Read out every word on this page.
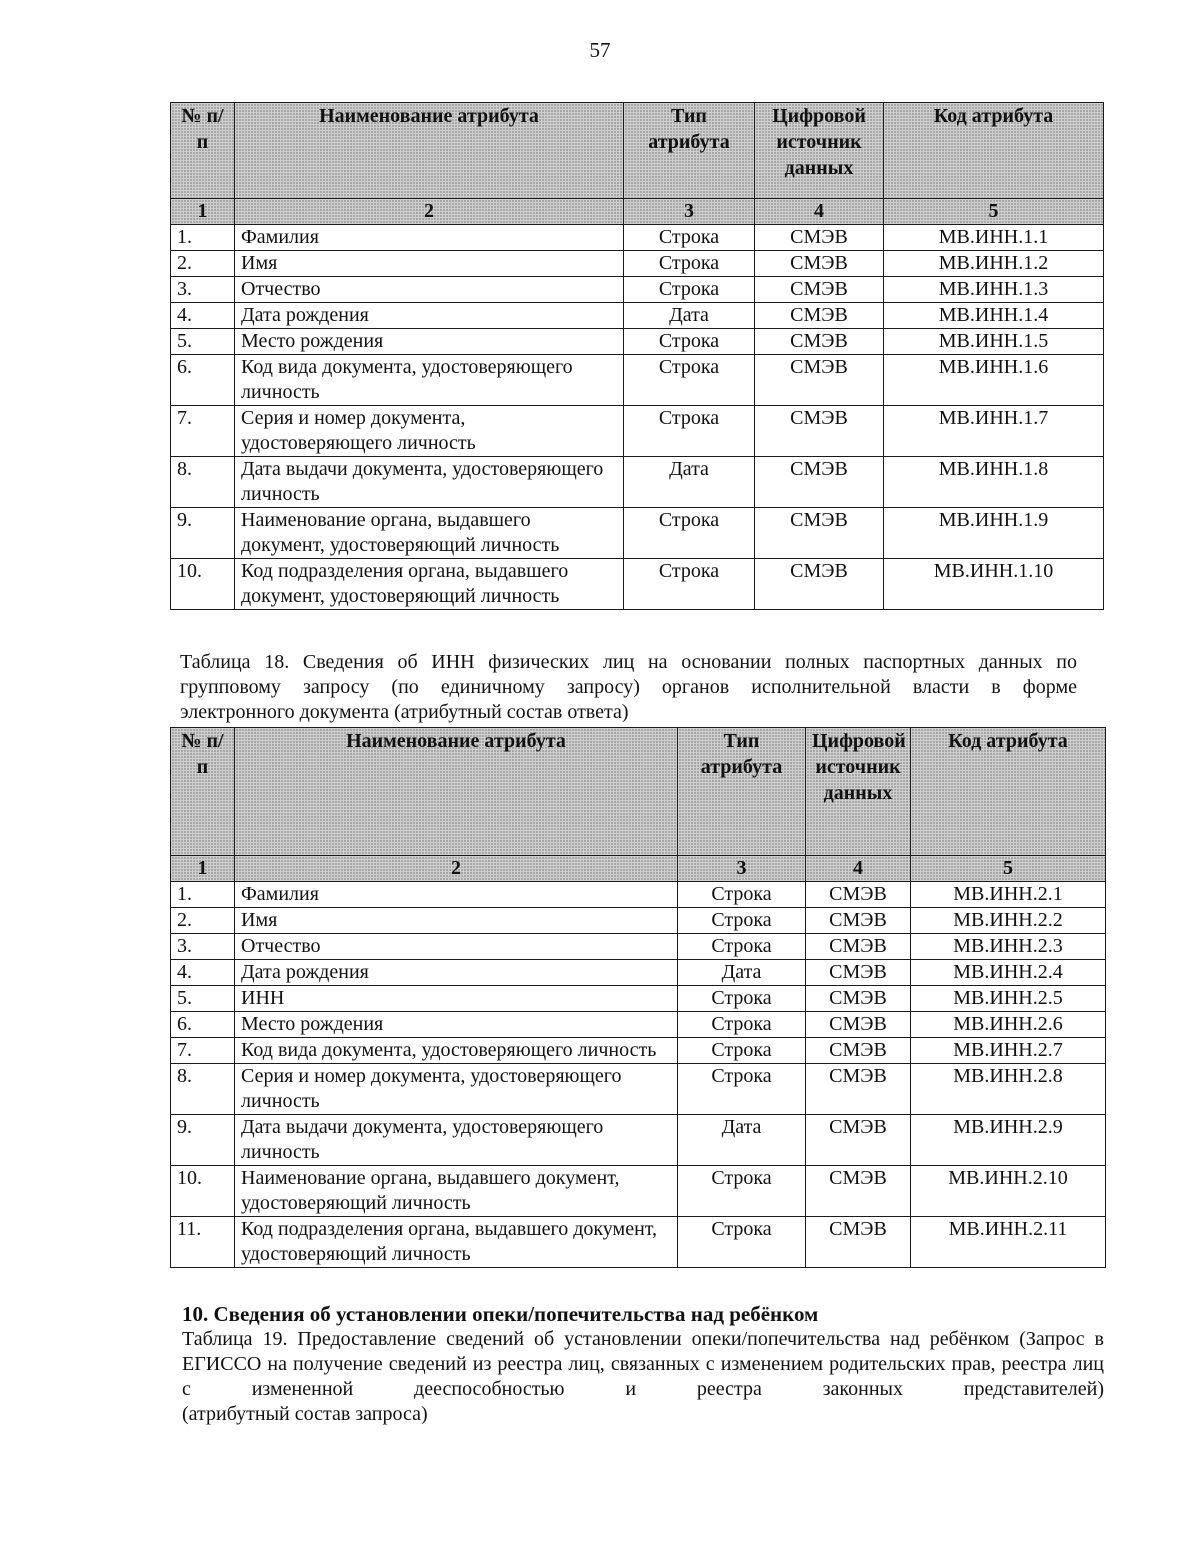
57
№ п/п	Наименование атрибута	Тип атрибута	Цифровой источник данных	Код атрибута
1	2	3	4	5
1.	Фамилия	Строка	СМЭВ	МВ.ИНН.1.1
2.	Имя	Строка	СМЭВ	МВ.ИНН.1.2
3.	Отчество	Строка	СМЭВ	МВ.ИНН.1.3
4.	Дата рождения	Дата	СМЭВ	МВ.ИНН.1.4
5.	Место рождения	Строка	СМЭВ	МВ.ИНН.1.5
6.	Код вида документа, удостоверяющего личность	Строка	СМЭВ	МВ.ИНН.1.6
7.	Серия и номер документа, удостоверяющего личность	Строка	СМЭВ	МВ.ИНН.1.7
8.	Дата выдачи документа, удостоверяющего личность	Дата	СМЭВ	МВ.ИНН.1.8
9.	Наименование органа, выдавшего документ, удостоверяющий личность	Строка	СМЭВ	МВ.ИНН.1.9
10.	Код подразделения органа, выдавшего документ, удостоверяющий личность	Строка	СМЭВ	МВ.ИНН.1.10
Таблица 18. Сведения об ИНН физических лиц на основании полных паспортных данных по групповому запросу (по единичному запросу) органов исполнительной власти в форме
электронного документа (атрибутный состав ответа)
№ п/п	Наименование атрибута	Тип атрибута	Цифровой источник данных	Код атрибута
1	2	3	4	5
1.	Фамилия	Строка	СМЭВ	МВ.ИНН.2.1
2.	Имя	Строка	СМЭВ	МВ.ИНН.2.2
3.	Отчество	Строка	СМЭВ	МВ.ИНН.2.3
4.	Дата рождения	Дата	СМЭВ	МВ.ИНН.2.4
5.	ИНН	Строка	СМЭВ	МВ.ИНН.2.5
6.	Место рождения	Строка	СМЭВ	МВ.ИНН.2.6
7.	Код вида документа, удостоверяющего личность	Строка	СМЭВ	МВ.ИНН.2.7
8.	Серия и номер документа, удостоверяющего личность	Строка	СМЭВ	МВ.ИНН.2.8
9.	Дата выдачи документа, удостоверяющего личность	Дата	СМЭВ	МВ.ИНН.2.9
10.	Наименование органа, выдавшего документ, удостоверяющий личность	Строка	СМЭВ	МВ.ИНН.2.10
11.	Код подразделения органа, выдавшего документ, удостоверяющий личность	Строка	СМЭВ	МВ.ИНН.2.11
10. Сведения об установлении опеки/попечительства над ребёнком
Таблица 19. Предоставление сведений об установлении опеки/попечительства над ребёнком (Запрос в ЕГИССО на получение сведений из реестра лиц, связанных с изменением родительских прав, реестра лиц с измененной дееспособностью и реестра законных представителей)
(атрибутный состав запроса)
